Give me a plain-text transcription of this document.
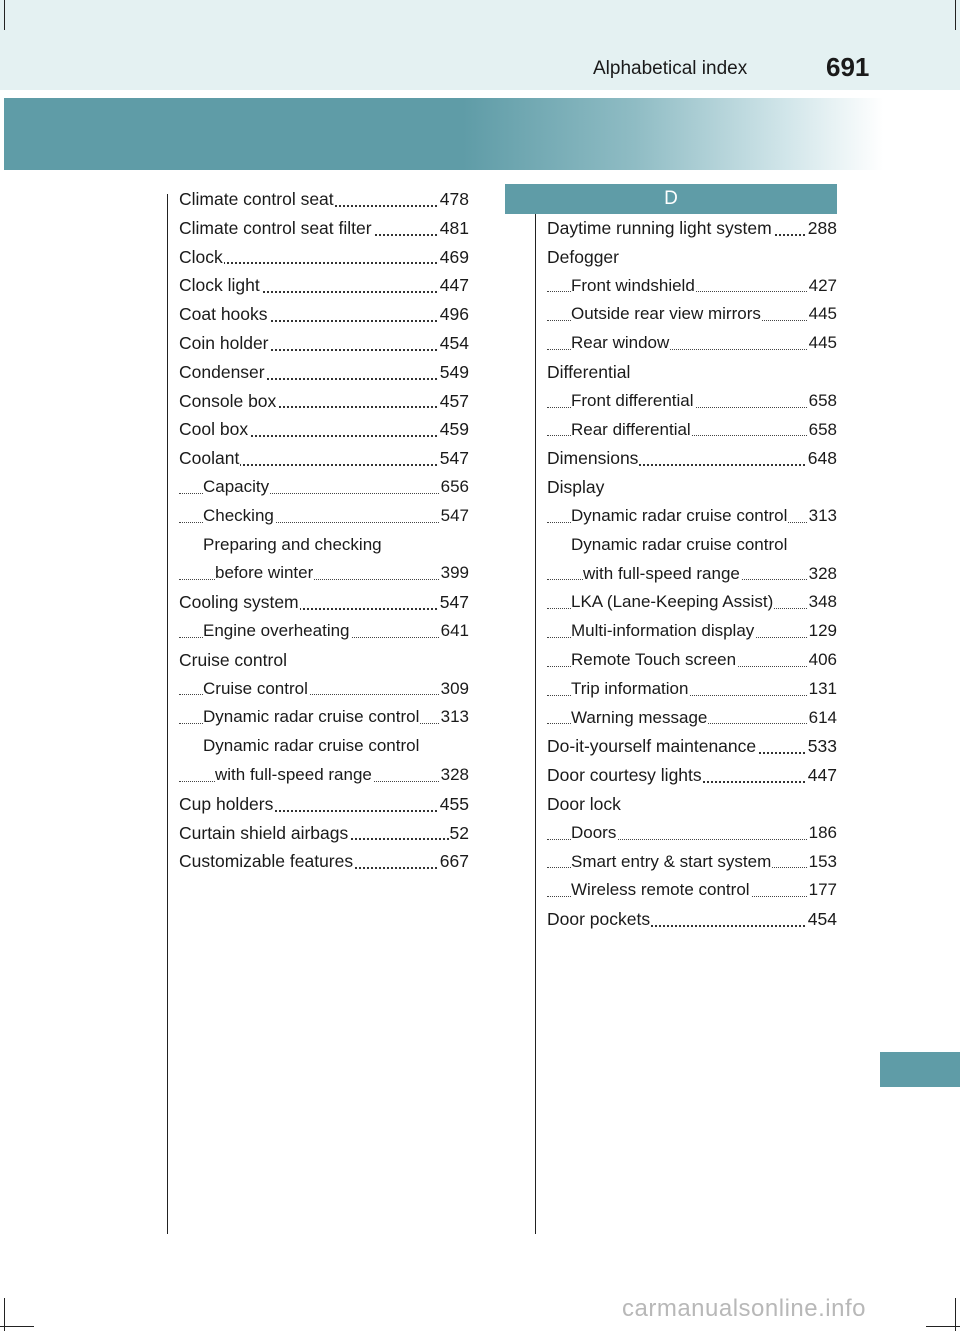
Alphabetical index	691
D
Climate control seat	478
Climate control seat filter	481
Clock	469
Clock light	447
Coat hooks	496
Coin holder	454
Condenser	549
Console box	457
Cool box	459
Coolant	547
Capacity	656
Checking	547
Preparing and checking
before winter	399
Cooling system	547
Engine overheating	641
Cruise control
Cruise control	309
Dynamic radar cruise control 313
Dynamic radar cruise control
with full-speed range	328
Cup holders	455
Curtain shield airbags	52
Customizable features	667
Daytime running light system 288
Defogger
Front windshield	427
Outside rear view mirrors	445
Rear window	445
Differential
Front differential	658
Rear differential	658
Dimensions	648
Display
Dynamic radar cruise control 313
Dynamic radar cruise control
with full-speed range	328
LKA (Lane-Keeping Assist) 348
Multi-information display	129
Remote Touch screen	406
Trip information	131
Warning message	614
Do-it-yourself maintenance	533
Door courtesy lights	447
Door lock
Doors	186
Smart entry & start system 153
Wireless remote control	177
Door pockets	454
carmanualsonline.info
